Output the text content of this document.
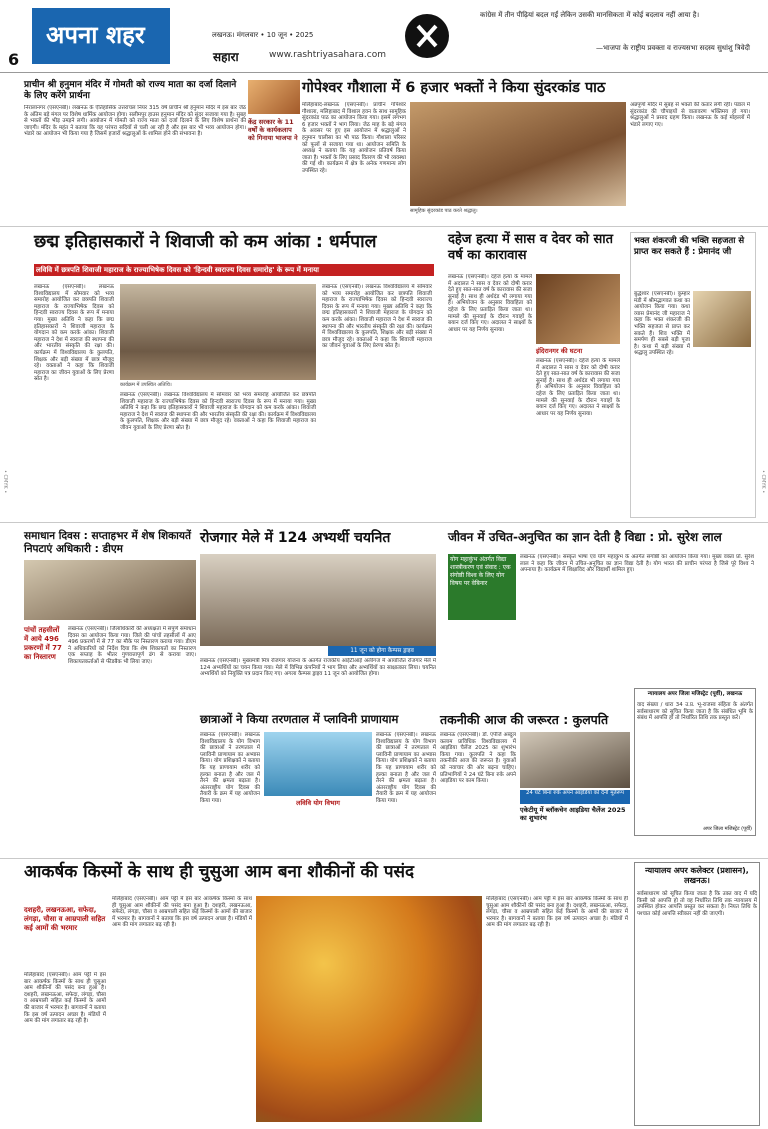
6
अपना शहर	लखनऊ। मंगलवार • 10 जून • 2025
सहारा	www.rashtriyasahara.com
कांग्रेस में तीन पीढ़ियां बदल गईं लेकिन उसकी मानसिकता में कोई बदलाव नहीं आया है।
—भाजपा के राष्ट्रीय प्रवक्ता व राज्यसभा सदस्य सुधांशु त्रिवेदी
प्राचीन श्री हनुमान मंदिर में गोमती को राज्य माता का दर्जा दिलाने के लिए करेंगे प्रार्थना
निरालानगर (एसएनबी)। लखनऊ के ऐतिहासिक उत्तरांचल नियर 315 वर्ष प्राचीन श्री हनुमान मंदिर में इस बार जेठ के अंतिम बड़े मंगल पर विशेष धार्मिक आयोजन होगा। सलीमपुर हाउस हनुमान मंदिर को सुंदर सजाया गया है। सुबह से भक्तों की भीड़ उमड़ने लगी। आयोजन में गोमती को राज्य माता का दर्जा दिलाने के लिए विशेष प्रार्थना की जाएगी। मंदिर के महंत ने बताया कि यह परंपरा सदियों से चली आ रही है और इस बार भी भव्य आयोजन होगा। भंडारे का आयोजन भी किया गया है जिसमें हजारों श्रद्धालुओं के शामिल होने की संभावना है।
केंद्र सरकार के 11 वर्षों के कार्यकलाप को गिनाया भाजपा ने
गोपेश्वर गौशाला में 6 हजार भक्तों ने किया सुंदरकांड पाठ
मलिहाबाद-लखनऊ (एसएनबी)। प्राचीन गोपेश्वर गौशाला, मलिहाबाद में विशाल हवन के साथ सामूहिक सुंदरकांड पाठ का आयोजन किया गया। इसमें लगभग 6 हजार भक्तों ने भाग लिया। जेठ माह के बड़े मंगल के अवसर पर हुए इस आयोजन में श्रद्धालुओं ने हनुमान चालीसा का भी पाठ किया। गौशाला परिसर को फूलों से सजाया गया था। आयोजन समिति के अध्यक्ष ने बताया कि यह आयोजन प्रतिवर्ष किया जाता है। भक्तों के लिए प्रसाद वितरण की भी व्यवस्था की गई थी। कार्यक्रम में क्षेत्र के अनेक गणमान्य लोग उपस्थित रहे।
सामूहिक सुंदरकांड पाठ करते श्रद्धालु।
अन्नपूर्णा मंदिर में सुबह से भक्तों की कतार लगी रही। पंडाल में सुंदरकांड की चौपाइयों से वातावरण भक्तिमय हो गया। श्रद्धालुओं ने प्रसाद ग्रहण किया। लखनऊ के कई मोहल्लों में भंडारे लगाए गए।
छद्म इतिहासकारों ने शिवाजी को कम आंका : धर्मपाल
लविवि में छत्रपति शिवाजी महाराज के राज्याभिषेक दिवस को 'हिन्दवी स्वराज्य दिवस समारोह' के रूप में मनाया
लखनऊ (एसएनबी)। लखनऊ विश्वविद्यालय में सोमवार को भव्य समारोह आयोजित कर छत्रपति शिवाजी महाराज के राज्याभिषेक दिवस को हिन्दवी स्वराज्य दिवस के रूप में मनाया गया। मुख्य अतिथि ने कहा कि छद्म इतिहासकारों ने शिवाजी महाराज के योगदान को कम करके आंका। शिवाजी महाराज ने देश में स्वराज की स्थापना की और भारतीय संस्कृति की रक्षा की। कार्यक्रम में विश्वविद्यालय के कुलपति, शिक्षक और बड़ी संख्या में छात्र मौजूद रहे। वक्ताओं ने कहा कि शिवाजी महाराज का जीवन युवाओं के लिए प्रेरणा स्रोत है।
कार्यक्रम में उपस्थित अतिथि।
लखनऊ (एसएनबी)। लखनऊ विश्वविद्यालय में सोमवार को भव्य समारोह आयोजित कर छत्रपति शिवाजी महाराज के राज्याभिषेक दिवस को हिन्दवी स्वराज्य दिवस के रूप में मनाया गया। मुख्य अतिथि ने कहा कि छद्म इतिहासकारों ने शिवाजी महाराज के योगदान को कम करके आंका। शिवाजी महाराज ने देश में स्वराज की स्थापना की और भारतीय संस्कृति की रक्षा की। कार्यक्रम में विश्वविद्यालय के कुलपति, शिक्षक और बड़ी संख्या में छात्र मौजूद रहे। वक्ताओं ने कहा कि शिवाजी महाराज का जीवन युवाओं के लिए प्रेरणा स्रोत है।
लखनऊ (एसएनबी)। लखनऊ विश्वविद्यालय में सोमवार को भव्य समारोह आयोजित कर छत्रपति शिवाजी महाराज के राज्याभिषेक दिवस को हिन्दवी स्वराज्य दिवस के रूप में मनाया गया। मुख्य अतिथि ने कहा कि छद्म इतिहासकारों ने शिवाजी महाराज के योगदान को कम करके आंका। शिवाजी महाराज ने देश में स्वराज की स्थापना की और भारतीय संस्कृति की रक्षा की। कार्यक्रम में विश्वविद्यालय के कुलपति, शिक्षक और बड़ी संख्या में छात्र मौजूद रहे। वक्ताओं ने कहा कि शिवाजी महाराज का जीवन युवाओं के लिए प्रेरणा स्रोत है।
दहेज हत्या में सास व देवर को सात वर्ष का कारावास
लखनऊ (एसएनबी)। दहेज हत्या के मामले में अदालत ने सास व देवर को दोषी करार देते हुए सात-सात वर्ष के कारावास की सजा सुनाई है। साथ ही अर्थदंड भी लगाया गया है। अभियोजन के अनुसार विवाहिता को दहेज के लिए प्रताड़ित किया जाता था। मामले की सुनवाई के दौरान गवाहों के बयान दर्ज किए गए। अदालत ने साक्ष्यों के आधार पर यह निर्णय सुनाया।
इंदिरानगर की घटना
लखनऊ (एसएनबी)। दहेज हत्या के मामले में अदालत ने सास व देवर को दोषी करार देते हुए सात-सात वर्ष के कारावास की सजा सुनाई है। साथ ही अर्थदंड भी लगाया गया है। अभियोजन के अनुसार विवाहिता को दहेज के लिए प्रताड़ित किया जाता था। मामले की सुनवाई के दौरान गवाहों के बयान दर्ज किए गए। अदालत ने साक्ष्यों के आधार पर यह निर्णय सुनाया।
भक्त शंकरजी की भक्ति सहजता से प्राप्त कर सकते हैं : प्रेमानंद जी
बुद्धेश्वर (एसएनबी)। कुम्हार मंडी में श्रीमद्भागवत कथा का आयोजन किया गया। कथा व्यास प्रेमानंद जी महाराज ने कहा कि भक्त शंकरजी की भक्ति सहजता से प्राप्त कर सकते हैं। शिव भक्ति में समर्पण ही सबसे बड़ी पूजा है। कथा में बड़ी संख्या में श्रद्धालु उपस्थित रहे।
समाधान दिवस : सप्ताहभर में शेष शिकायतें निपटाएं अधिकारी : डीएम
पांचों तहसीलों में आये 496 प्रकरणों में 77 का निस्तारण
लखनऊ (एसएनबी)। जिलाधिकारी की अध्यक्षता में संपूर्ण समाधान दिवस का आयोजन किया गया। जिले की पांचों तहसीलों में आए 496 प्रकरणों में से 77 का मौके पर निस्तारण कराया गया। डीएम ने अधिकारियों को निर्देश दिया कि शेष शिकायतों का निस्तारण एक सप्ताह के भीतर गुणवत्तापूर्ण ढंग से कराया जाए। शिकायतकर्ताओं से फीडबैक भी लिया जाए।
रोजगार मेले में 124 अभ्यर्थी चयनित
11 जून को होगा कैम्पस ड्राइव
लखनऊ (एसएनबी)। मुख्यमंत्री मित्र रोजगार योजना के अंतर्गत राजकीय आईटीआई अलीगंज में आयोजित रोजगार मेले में 124 अभ्यर्थियों का चयन किया गया। मेले में विभिन्न कंपनियों ने भाग लिया और अभ्यर्थियों का साक्षात्कार लिया। चयनित अभ्यर्थियों को नियुक्ति पत्र प्रदान किए गए। अगला कैम्पस ड्राइव 11 जून को आयोजित होगा।
जीवन में उचित-अनुचित का ज्ञान देती है विद्या : प्रो. सुरेश लाल
योग महाकुंभ अंतर्गत विद्या शास्त्रीकरण एवं संवाद : एक संगोष्ठी विश्व के लिए योग विषय पर वेबिनार
लखनऊ (एसएनबी)। संस्कृत भाषा एवं योग महाकुंभ के अंतर्गत संगोष्ठी का आयोजन किया गया। मुख्य वक्ता प्रो. सुरेश लाल ने कहा कि जीवन में उचित-अनुचित का ज्ञान विद्या देती है। योग भारत की प्राचीन परंपरा है जिसे पूरे विश्व ने अपनाया है। कार्यक्रम में शिक्षाविद और विद्यार्थी शामिल हुए।
न्यायालय अपर जिला मजिस्ट्रेट (पूर्वी), लखनऊ
वाद संख्या / धारा 34 उ.प्र. भू-राजस्व संहिता के अंतर्गत सर्वसाधारण को सूचित किया जाता है कि संबंधित भूमि के संबंध में आपत्ति हो तो निर्धारित तिथि तक प्रस्तुत करें।
अपर जिला मजिस्ट्रेट (पूर्वी)
छात्राओं ने किया तरणताल में प्लाविनी प्राणायाम
लखनऊ (एसएनबी)। लखनऊ विश्वविद्यालय के योग विभाग की छात्राओं ने तरणताल में प्लाविनी प्राणायाम का अभ्यास किया। योग प्रशिक्षकों ने बताया कि यह प्राणायाम शरीर को हल्का बनाता है और जल में तैरने की क्षमता बढ़ाता है। अंतरराष्ट्रीय योग दिवस की तैयारी के क्रम में यह आयोजन किया गया।	लविवि योग विभाग
लखनऊ (एसएनबी)। लखनऊ विश्वविद्यालय के योग विभाग की छात्राओं ने तरणताल में प्लाविनी प्राणायाम का अभ्यास किया। योग प्रशिक्षकों ने बताया कि यह प्राणायाम शरीर को हल्का बनाता है और जल में तैरने की क्षमता बढ़ाता है। अंतरराष्ट्रीय योग दिवस की तैयारी के क्रम में यह आयोजन किया गया।
तकनीकी आज की जरूरत : कुलपति
24 घंटे बिना रुके अपने आइडिया को दैनी मूर्तरूप
एकेटीयू में ब्लॉकचेन आइडिया चैलेंज 2025 का शुभारंभ
लखनऊ (एसएनबी)। डॉ. एपीजे अब्दुल कलाम प्राविधिक विश्वविद्यालय में आइडिया चैलेंज 2025 का शुभारंभ किया गया। कुलपति ने कहा कि तकनीकी आज की जरूरत है। युवाओं को नवाचार की ओर बढ़ना चाहिए। प्रतिभागियों ने 24 घंटे बिना रुके अपने आइडिया पर काम किया।
आकर्षक किस्मों के साथ ही चुसुआ आम बना शौकीनों की पसंद
दशहरी, लखनऊआ, सफेदा, लंगड़ा, चौसा व आम्रपाली सहित कई आमों की भरमार
मलिहाबाद (एसएनबी)। आम पट्टी में इस बार आकर्षक किस्मों के साथ ही चुसुआ आम शौकीनों की पसंद बना हुआ है। दशहरी, लखनऊआ, सफेदा, लंगड़ा, चौसा व आम्रपाली सहित कई किस्मों के आमों की बाजार में भरमार है। बागवानों ने बताया कि इस वर्ष उत्पादन अच्छा है। मंडियों में आम की मांग लगातार बढ़ रही है।
मलिहाबाद (एसएनबी)। आम पट्टी में इस बार आकर्षक किस्मों के साथ ही चुसुआ आम शौकीनों की पसंद बना हुआ है। दशहरी, लखनऊआ, सफेदा, लंगड़ा, चौसा व आम्रपाली सहित कई किस्मों के आमों की बाजार में भरमार है। बागवानों ने बताया कि इस वर्ष उत्पादन अच्छा है। मंडियों में आम की मांग लगातार बढ़ रही है।
मलिहाबाद (एसएनबी)। आम पट्टी में इस बार आकर्षक किस्मों के साथ ही चुसुआ आम शौकीनों की पसंद बना हुआ है। दशहरी, लखनऊआ, सफेदा, लंगड़ा, चौसा व आम्रपाली सहित कई किस्मों के आमों की बाजार में भरमार है। बागवानों ने बताया कि इस वर्ष उत्पादन अच्छा है। मंडियों में आम की मांग लगातार बढ़ रही है।
न्यायालय अपर कलेक्टर (प्रशासन), लखनऊ।
सर्वसाधारण को सूचित किया जाता है कि उक्त वाद में यदि किसी को आपत्ति हो तो वह निर्धारित तिथि तक न्यायालय में उपस्थित होकर आपत्ति प्रस्तुत कर सकता है। नियत तिथि के पश्चात कोई आपत्ति स्वीकार नहीं की जाएगी।
• CMYK •	• CMYK •
